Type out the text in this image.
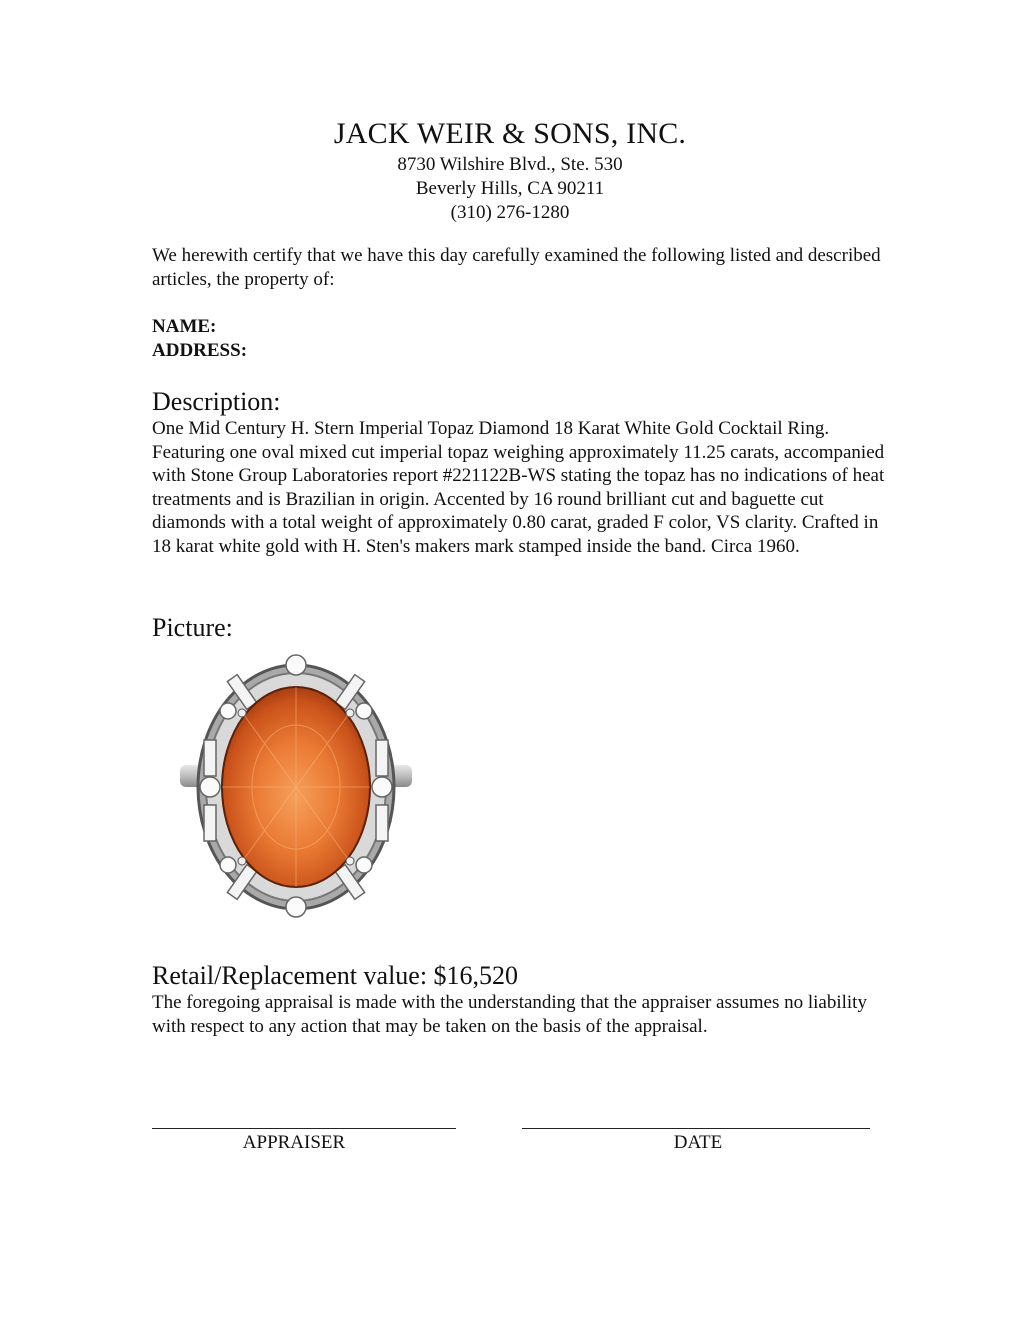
JACK WEIR & SONS, INC.
8730 Wilshire Blvd., Ste. 530
Beverly Hills, CA 90211
(310) 276-1280
We herewith certify that we have this day carefully examined the following listed and described articles, the property of:
NAME:
ADDRESS:
Description:
One Mid Century H. Stern Imperial Topaz Diamond 18 Karat White Gold Cocktail Ring. Featuring one oval mixed cut imperial topaz weighing approximately 11.25 carats, accompanied with Stone Group Laboratories report #221122B-WS stating the topaz has no indications of heat treatments and is Brazilian in origin. Accented by 16 round brilliant cut and baguette cut diamonds with a total weight of approximately 0.80 carat, graded F color, VS clarity. Crafted in 18 karat white gold with H. Sten's makers mark stamped inside the band. Circa 1960.
Picture:
Retail/Replacement value: $16,520
The foregoing appraisal is made with the understanding that the appraiser assumes no liability with respect to any action that may be taken on the basis of the appraisal.
APPRAISER	DATE
